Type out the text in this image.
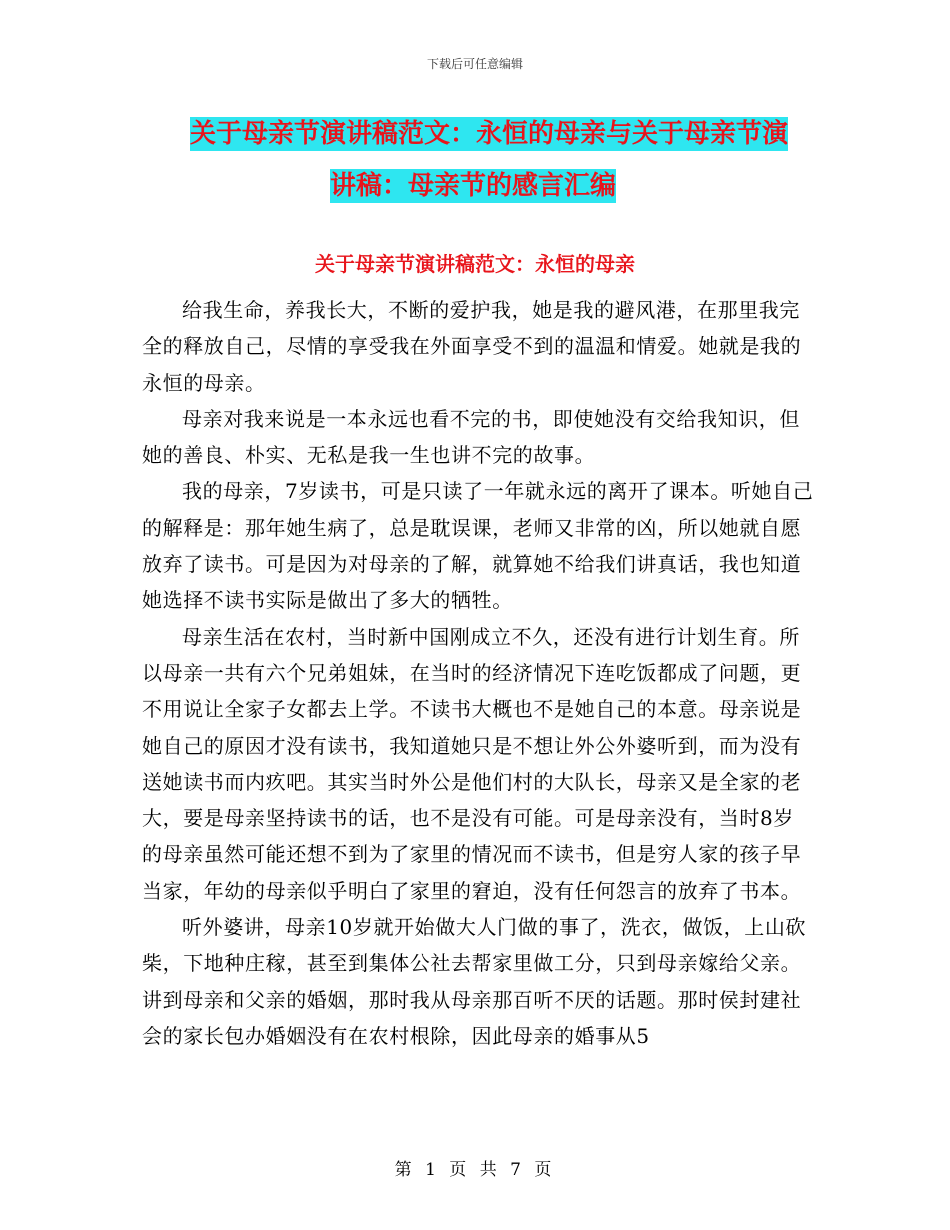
下载后可任意编辑
关于母亲节演讲稿范文：永恒的母亲与关于母亲节演
讲稿：母亲节的感言汇编
关于母亲节演讲稿范文：永恒的母亲

给我生命，养我长大，不断的爱护我，她是我的避风港，在那里我完全的释放自己，尽情的享受我在外面享受不到的温温和情爱。她就是我的永恒的母亲。

母亲对我来说是一本永远也看不完的书，即使她没有交给我知识，但她的善良、朴实、无私是我一生也讲不完的故事。

我的母亲，7岁读书，可是只读了一年就永远的离开了课本。听她自己的解释是：那年她生病了，总是耽误课，老师又非常的凶，所以她就自愿放弃了读书。可是因为对母亲的了解，就算她不给我们讲真话，我也知道她选择不读书实际是做出了多大的牺牲。

母亲生活在农村，当时新中国刚成立不久，还没有进行计划生育。所以母亲一共有六个兄弟姐妹，在当时的经济情况下连吃饭都成了问题，更不用说让全家子女都去上学。不读书大概也不是她自己的本意。母亲说是她自己的原因才没有读书，我知道她只是不想让外公外婆听到，而为没有送她读书而内疚吧。其实当时外公是他们村的大队长，母亲又是全家的老大，要是母亲坚持读书的话，也不是没有可能。可是母亲没有，当时8岁的母亲虽然可能还想不到为了家里的情况而不读书，但是穷人家的孩子早当家，年幼的母亲似乎明白了家里的窘迫，没有任何怨言的放弃了书本。

听外婆讲，母亲10岁就开始做大人门做的事了，洗衣，做饭，上山砍柴，下地种庄稼，甚至到集体公社去帮家里做工分，只到母亲嫁给父亲。讲到母亲和父亲的婚姻，那时我从母亲那百听不厌的话题。那时侯封建社会的家长包办婚姻没有在农村根除，因此母亲的婚事从5

第 1 页 共 7 页
